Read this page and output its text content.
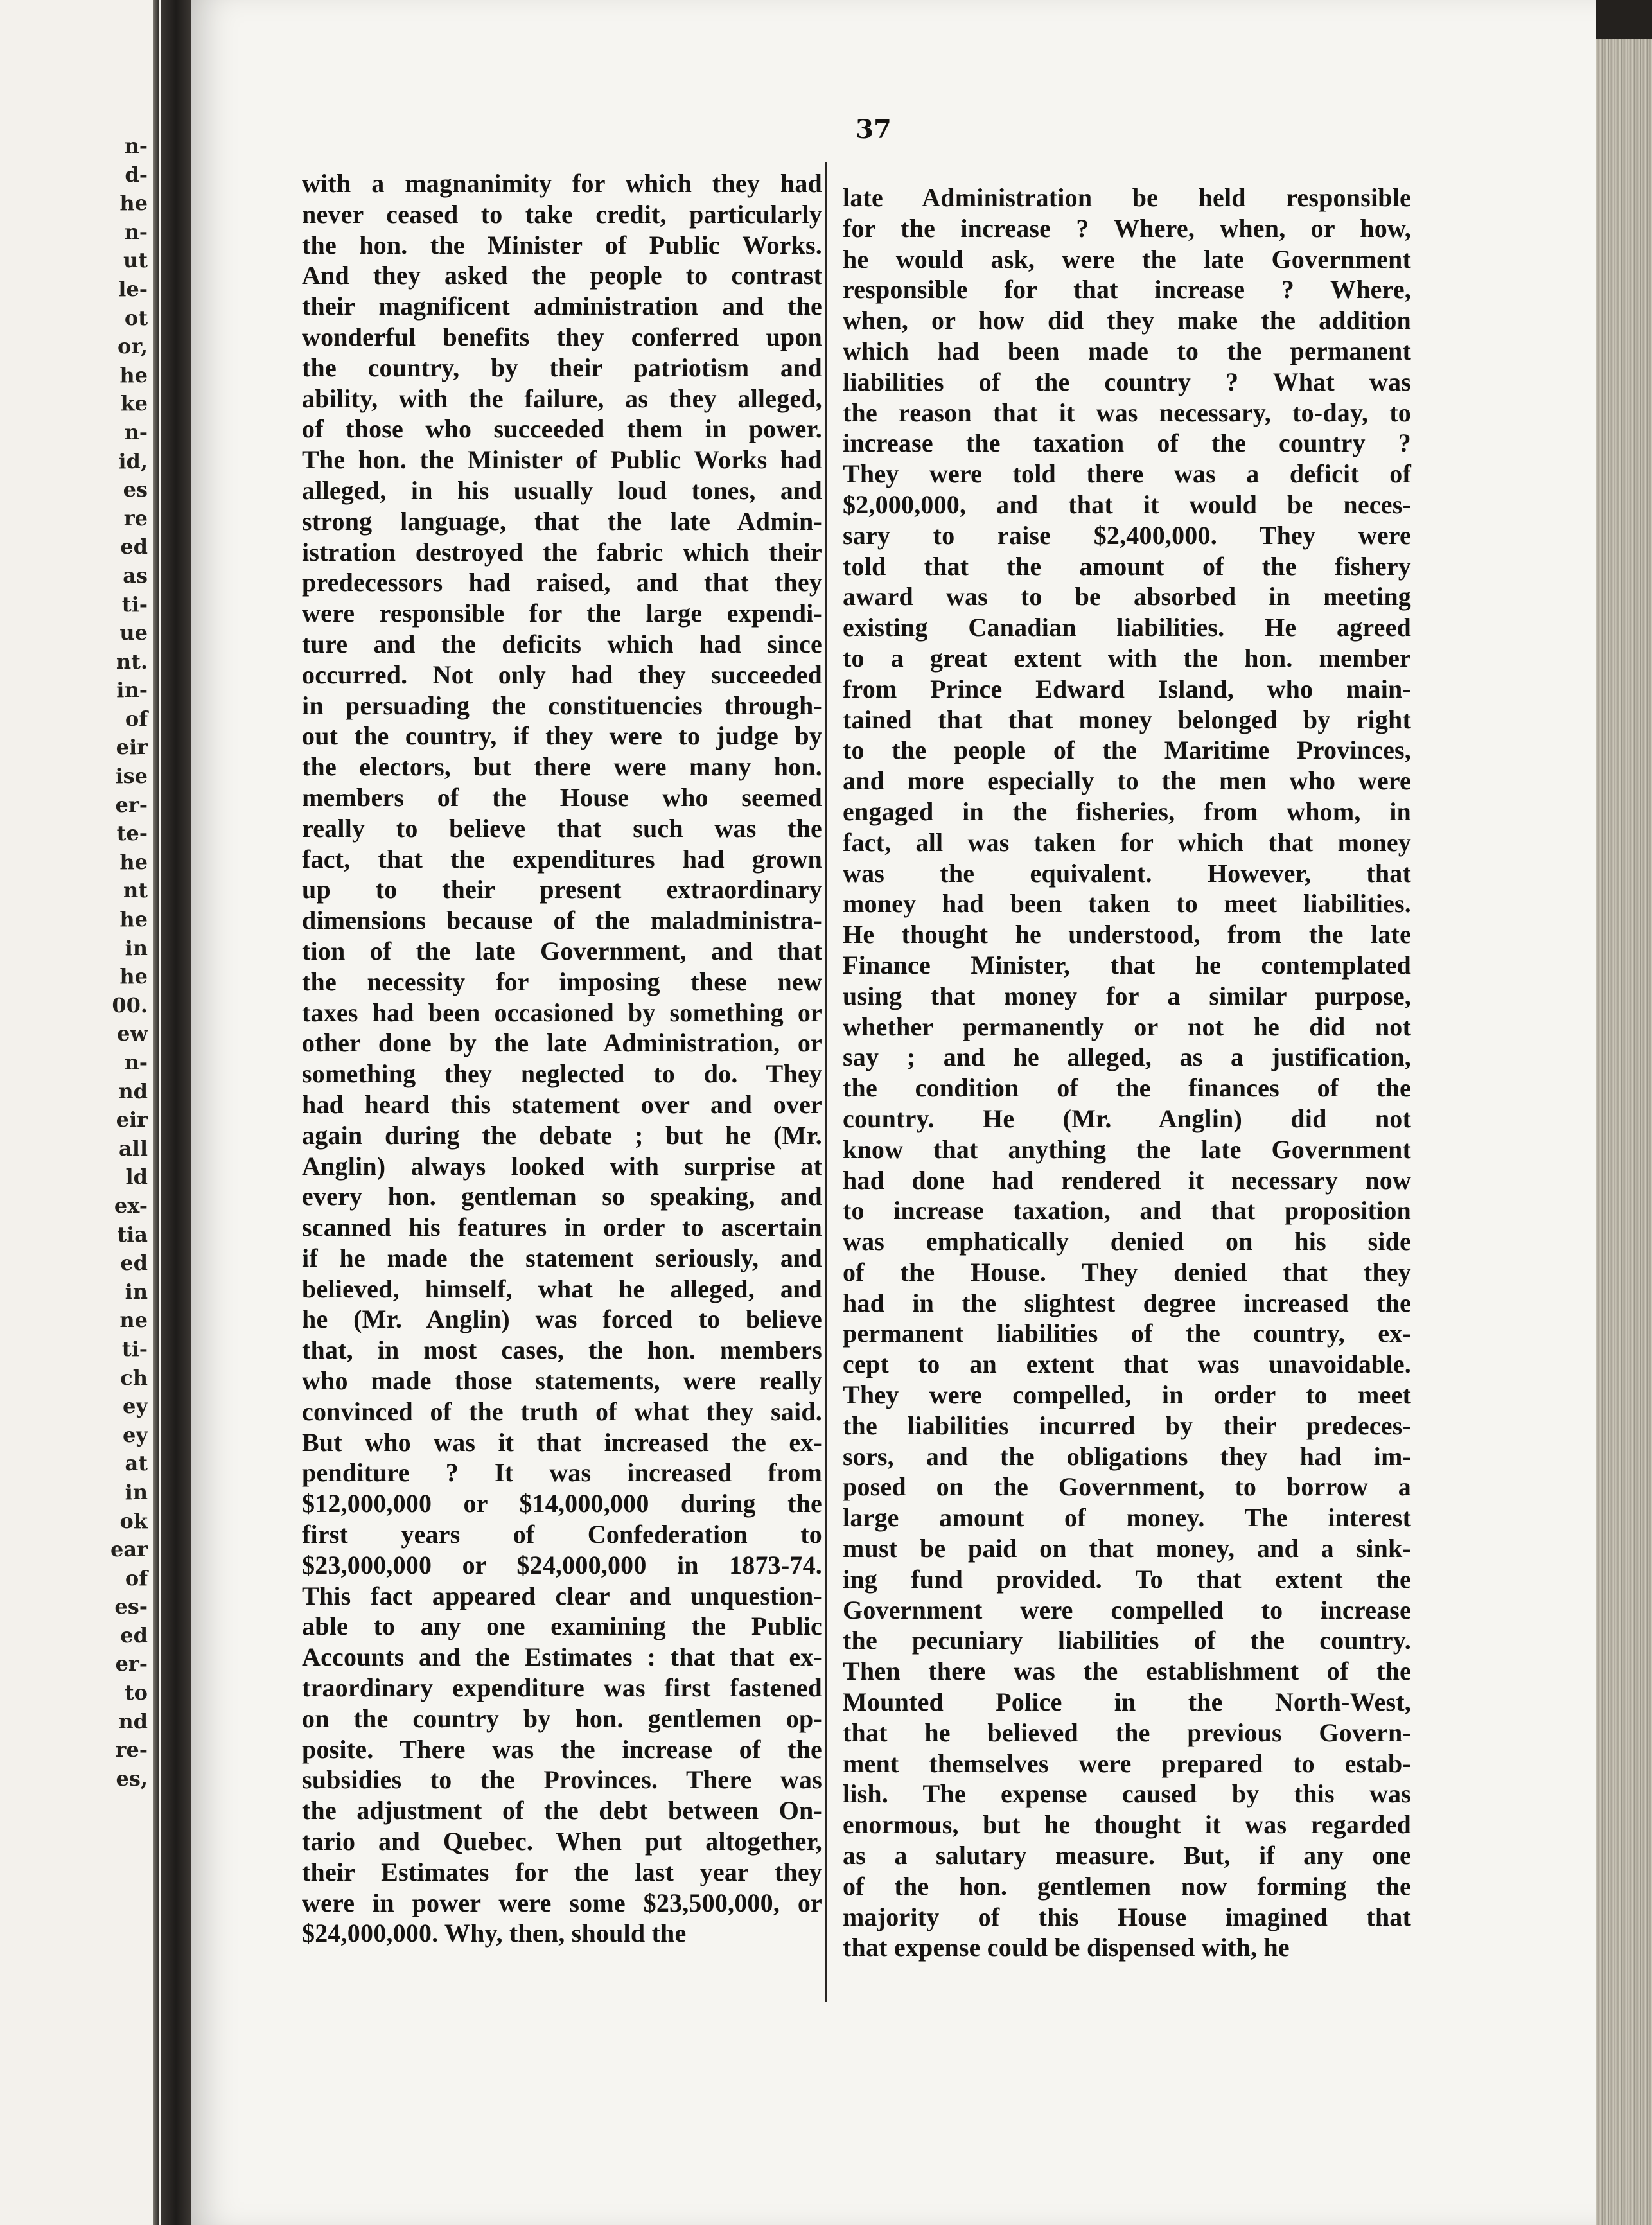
n-
d-
he
n-
ut
le-
ot
or,
he
ke
n-
id,
es
re
ed
as
ti-
ue
nt.
in-
of
eir
ise
er-
te-
he
nt
he
in
he
00.
ew
n-
nd
eir
all
ld
ex-
tia
ed
in
ne
ti-
ch
ey
ey
at
in
ok
ear
of
es-
ed
er-
to
nd
re-
es,
37
with a magnanimity for which they had
never ceased to take credit, particularly
the hon. the Minister of Public Works.
And they asked the people to contrast
their magnificent administration and the
wonderful benefits they conferred upon
the country, by their patriotism and
ability, with the failure, as they alleged,
of those who succeeded them in power.
The hon. the Minister of Public Works had
alleged, in his usually loud tones, and
strong language, that the late Admin-
istration destroyed the fabric which their
predecessors had raised, and that they
were responsible for the large expendi-
ture and the deficits which had since
occurred. Not only had they succeeded
in persuading the constituencies through-
out the country, if they were to judge by
the electors, but there were many hon.
members of the House who seemed
really to believe that such was the
fact, that the expenditures had grown
up to their present extraordinary
dimensions because of the maladministra-
tion of the late Government, and that
the necessity for imposing these new
taxes had been occasioned by something or
other done by the late Administration, or
something they neglected to do. They
had heard this statement over and over
again during the debate ; but he (Mr.
Anglin) always looked with surprise at
every hon. gentleman so speaking, and
scanned his features in order to ascertain
if he made the statement seriously, and
believed, himself, what he alleged, and
he (Mr. Anglin) was forced to believe
that, in most cases, the hon. members
who made those statements, were really
convinced of the truth of what they said.
But who was it that increased the ex-
penditure ? It was increased from
$12,000,000 or $14,000,000 during the
first years of Confederation to
$23,000,000 or $24,000,000 in 1873-74.
This fact appeared clear and unquestion-
able to any one examining the Public
Accounts and the Estimates : that that ex-
traordinary expenditure was first fastened
on the country by hon. gentlemen op-
posite. There was the increase of the
subsidies to the Provinces. There was
the adjustment of the debt between On-
tario and Quebec. When put altogether,
their Estimates for the last year they
were in power were some $23,500,000, or
$24,000,000. Why, then, should the
late Administration be held responsible
for the increase ? Where, when, or how,
he would ask, were the late Government
responsible for that increase ? Where,
when, or how did they make the addition
which had been made to the permanent
liabilities of the country ? What was
the reason that it was necessary, to-day, to
increase the taxation of the country ?
They were told there was a deficit of
$2,000,000, and that it would be neces-
sary to raise $2,400,000. They were
told that the amount of the fishery
award was to be absorbed in meeting
existing Canadian liabilities. He agreed
to a great extent with the hon. member
from Prince Edward Island, who main-
tained that that money belonged by right
to the people of the Maritime Provinces,
and more especially to the men who were
engaged in the fisheries, from whom, in
fact, all was taken for which that money
was the equivalent. However, that
money had been taken to meet liabilities.
He thought he understood, from the late
Finance Minister, that he contemplated
using that money for a similar purpose,
whether permanently or not he did not
say ; and he alleged, as a justification,
the condition of the finances of the
country. He (Mr. Anglin) did not
know that anything the late Government
had done had rendered it necessary now
to increase taxation, and that proposition
was emphatically denied on his side
of the House. They denied that they
had in the slightest degree increased the
permanent liabilities of the country, ex-
cept to an extent that was unavoidable.
They were compelled, in order to meet
the liabilities incurred by their predeces-
sors, and the obligations they had im-
posed on the Government, to borrow a
large amount of money. The interest
must be paid on that money, and a sink-
ing fund provided. To that extent the
Government were compelled to increase
the pecuniary liabilities of the country.
Then there was the establishment of the
Mounted Police in the North-West,
that he believed the previous Govern-
ment themselves were prepared to estab-
lish. The expense caused by this was
enormous, but he thought it was regarded
as a salutary measure. But, if any one
of the hon. gentlemen now forming the
majority of this House imagined that
that expense could be dispensed with, he
